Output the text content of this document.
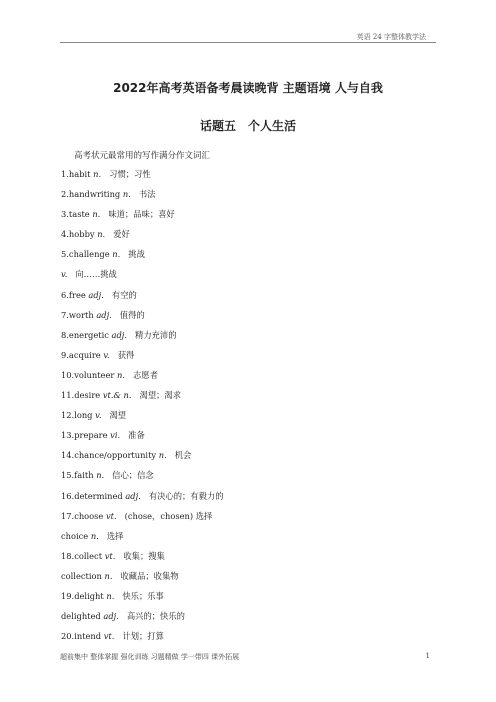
英语 24 字整体教学法
2022年高考英语备考晨读晚背 主题语境 人与自我
话题五　个人生活
高考状元最常用的写作满分作文词汇
1.habit n. 习惯；习性
2.handwriting n. 书法
3.taste n. 味道；品味；喜好
4.hobby n. 爱好
5.challenge n. 挑战
v. 向……挑战
6.free adj. 有空的
7.worth adj. 值得的
8.energetic adj. 精力充沛的
9.acquire v. 获得
10.volunteer n. 志愿者
11.desire vt.& n. 渴望；渴求
12.long v. 渴望
13.prepare vi. 准备
14.chance/opportunity n. 机会
15.faith n. 信心；信念
16.determined adj. 有决心的；有毅力的
17.choose vt. (chose，chosen) 选择
choice n. 选择
18.collect vt. 收集；搜集
collection n. 收藏品；收集物
19.delight n. 快乐；乐事
delighted adj. 高兴的；快乐的
20.intend vt. 计划；打算
超前集中 整体掌握 强化训练 习题精做 学一带四 课外拓展	1
